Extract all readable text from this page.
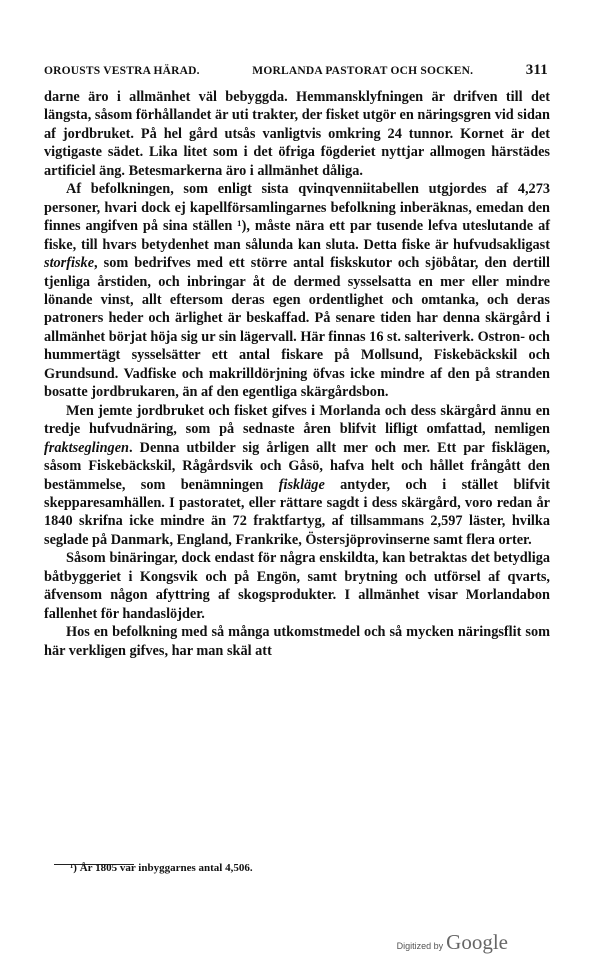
OROUSTS VESTRA HÄRAD.	MORLANDA PASTORAT OCH SOCKEN.	311

darne äro i allmänhet väl bebyggda. Hemmansklyfningen är drifven till det längsta, såsom förhållandet är uti trakter, der fisket utgör en näringsgren vid sidan af jordbruket. På hel gård utsås vanligtvis omkring 24 tunnor. Kornet är det vigtigaste sädet. Lika litet som i det öfriga fögderiet nyttjar allmogen härstädes artificiel äng. Betesmarkerna äro i allmänhet dåliga.

Af befolkningen, som enligt sista qvinqvenniitabellen utgjordes af 4,273 personer, hvari dock ej kapellförsamlingarnes befolkning inberäknas, emedan den finnes angifven på sina ställen ¹), måste nära ett par tusende lefva uteslutande af fiske, till hvars betydenhet man sålunda kan sluta. Detta fiske är hufvudsakligast storfiske, som bedrifves med ett större antal fiskskutor och sjöbåtar, den dertill tjenliga årstiden, och inbringar åt de dermed sysselsatta en mer eller mindre lönande vinst, allt eftersom deras egen ordentlighet och omtanka, och deras patroners heder och ärlighet är beskaffad. På senare tiden har denna skärgård i allmänhet börjat höja sig ur sin lägervall. Här finnas 16 st. salteriverk. Ostron- och hummertägt sysselsätter ett antal fiskare på Mollsund, Fiskebäckskil och Grundsund. Vadfiske och makrilldörjning öfvas icke mindre af den på stranden bosatte jordbrukaren, än af den egentliga skärgårdsbon.

Men jemte jordbruket och fisket gifves i Morlanda och dess skärgård ännu en tredje hufvudnäring, som på sednaste åren blifvit lifligt omfattad, nemligen fraktseglingen. Denna utbilder sig årligen allt mer och mer. Ett par fisklägen, såsom Fiskebäckskil, Rågårdsvik och Gåsö, hafva helt och hållet frångått den bestämmelse, som benämningen fiskläge antyder, och i stället blifvit skepparesamhällen. I pastoratet, eller rättare sagdt i dess skärgård, voro redan år 1840 skrifna icke mindre än 72 fraktfartyg, af tillsammans 2,597 läster, hvilka seglade på Danmark, England, Frankrike, Östersjöprovinserne samt flera orter.

Såsom binäringar, dock endast för några enskildta, kan betraktas det betydliga båtbyggeriet i Kongsvik och på Engön, samt brytning och utförsel af qvarts, äfvensom någon afyttring af skogsprodukter. I allmänhet visar Morlandabon fallenhet för handaslöjder.

Hos en befolkning med så många utkomstmedel och så mycken näringsflit som här verkligen gifves, har man skäl att

¹) År 1805 var inbyggarnes antal 4,506.
Digitized by Google
